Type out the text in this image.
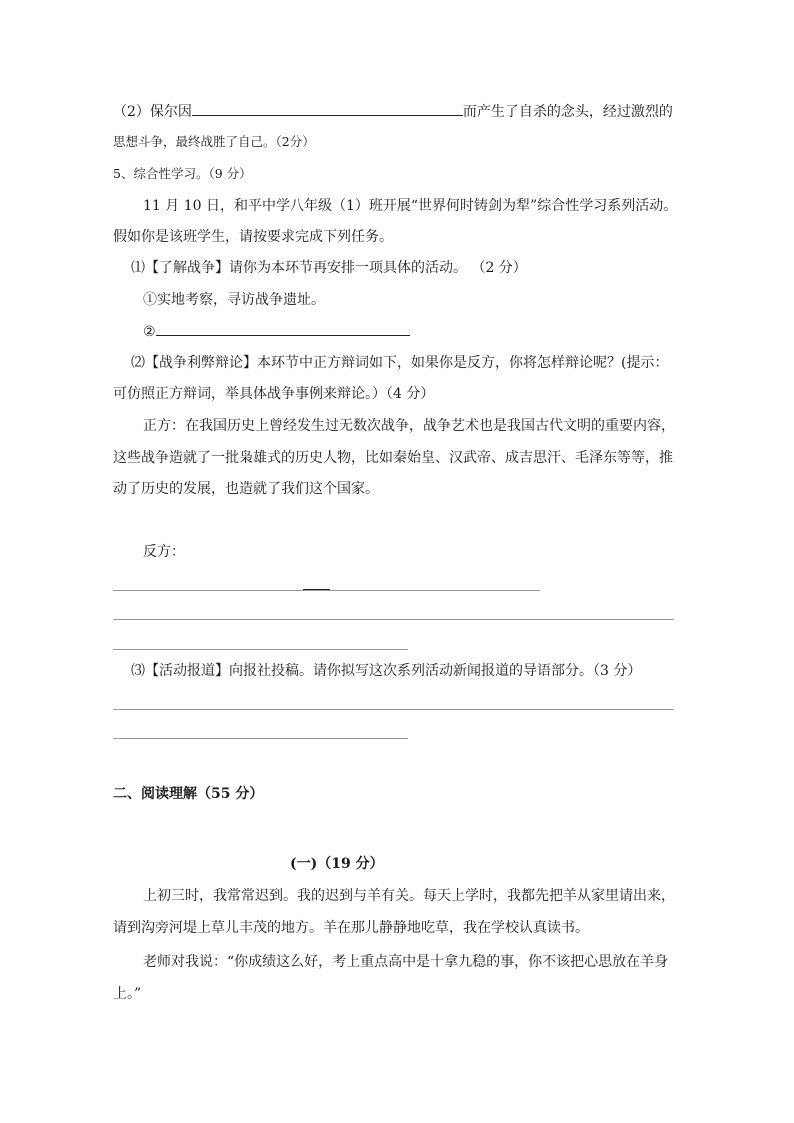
（2）保尔因	而产生了自杀的念头，经过激烈的
思想斗争，最终战胜了自己。（2分）
5、综合性学习。（9 分）
11 月 10 日，和平中学八年级（1）班开展“世界何时铸剑为犁”综合性学习系列活动。
假如你是该班学生，请按要求完成下列任务。
⑴【了解战争】请你为本环节再安排一项具体的活动。 （2 分）
①实地考察，寻访战争遗址。
②
⑵【战争利弊辩论】本环节中正方辩词如下，如果你是反方，你将怎样辩论呢？(提示：
可仿照正方辩词，举具体战争事例来辩论。）（4 分）
正方：在我国历史上曾经发生过无数次战争，战争艺术也是我国古代文明的重要内容，
这些战争造就了一批枭雄式的历史人物，比如秦始皇、汉武帝、成吉思汗、毛泽东等等，推
动了历史的发展，也造就了我们这个国家。
反方：
⑶【活动报道】向报社投稿。请你拟写这次系列活动新闻报道的导语部分。（3 分）
二、阅读理解（55 分）
(一)（19 分）
上初三时，我常常迟到。我的迟到与羊有关。每天上学时，我都先把羊从家里请出来，
请到沟旁河堤上草儿丰茂的地方。羊在那儿静静地吃草，我在学校认真读书。
老师对我说：“你成绩这么好，考上重点高中是十拿九稳的事，你不该把心思放在羊身
上。”
